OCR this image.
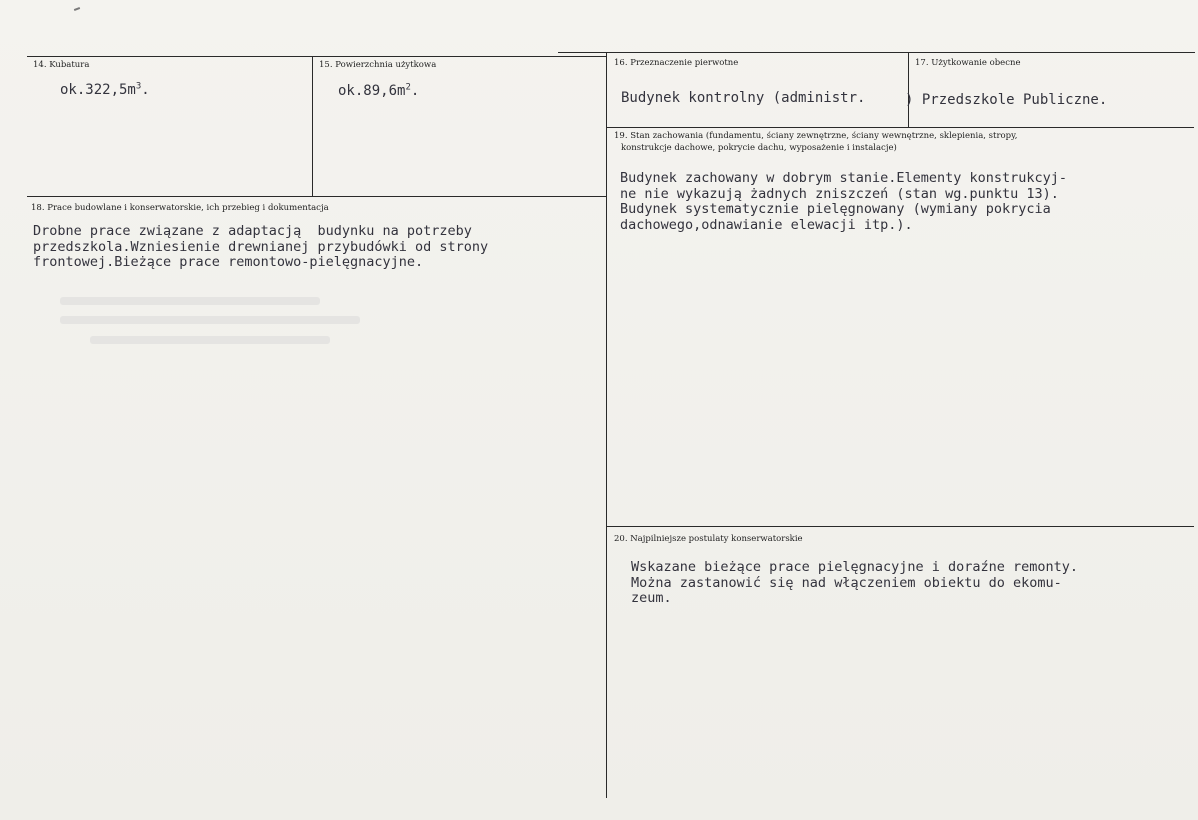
14. Kubatura
$ok.322,5m^3$.
15. Powierzchnia użytkowa
$ok.89,6m^2$.
16. Przeznaczenie pierwotne
Budynek kontrolny (administr.
17. Użytkowanie obecne
) Przedszkole Publiczne.
19. Stan zachowania (fundamentu, ściany zewnętrzne, ściany wewnętrzne, sklepienia, stropy,
konstrukcje dachowe, pokrycie dachu, wyposażenie i instalacje)
Budynek zachowany w dobrym stanie.Elementy konstrukcyj-
ne nie wykazują żadnych zniszczeń (stan wg.punktu 13).
Budynek systematycznie pielęgnowany (wymiany pokrycia
dachowego,odnawianie elewacji itp.).
18. Prace budowlane i konserwatorskie, ich przebieg i dokumentacja
Drobne prace związane z adaptacją  budynku na potrzeby
przedszkola.Wzniesienie drewnianej przybudówki od strony
frontowej.Bieżące prace remontowo-pielęgnacyjne.
20. Najpilniejsze postulaty konserwatorskie
Wskazane bieżące prace pielęgnacyjne i doraźne remonty.
Można zastanowić się nad włączeniem obiektu do ekomu-
zeum.
